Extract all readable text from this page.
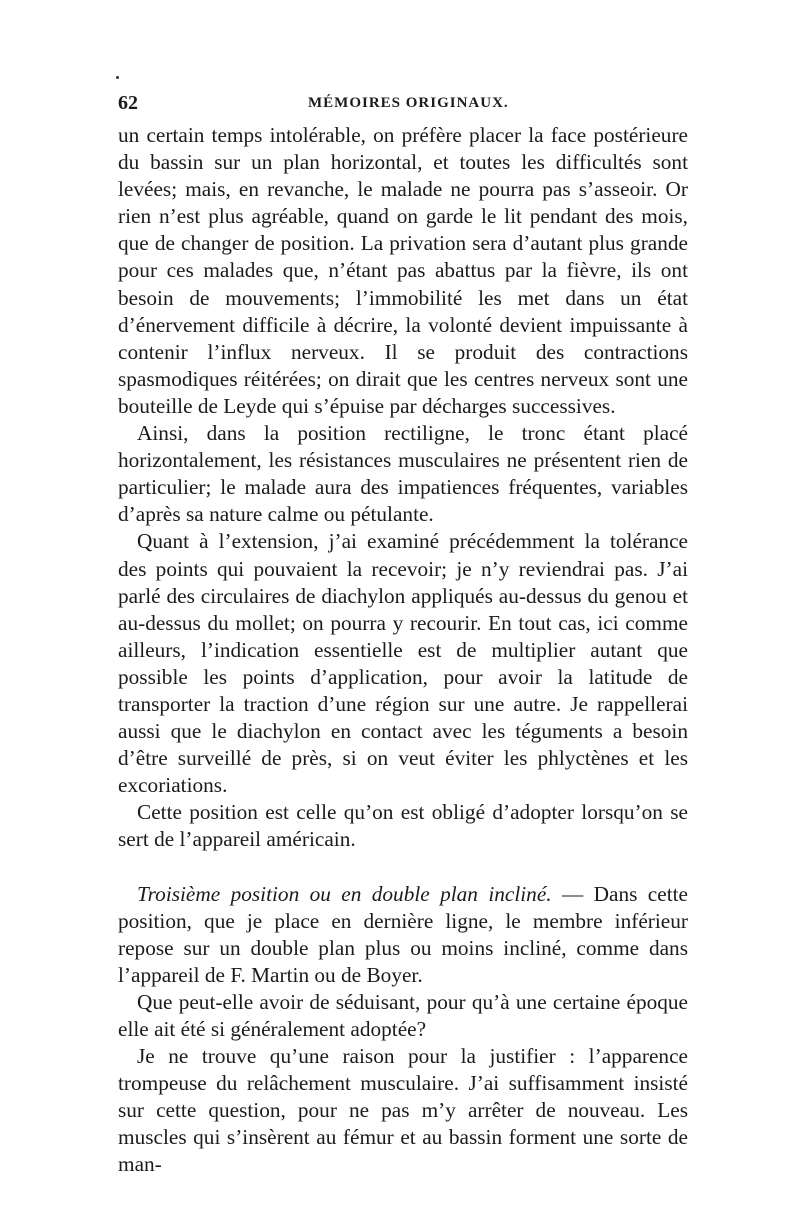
62	MÉMOIRES ORIGINAUX.

un certain temps intolérable, on préfère placer la face postérieure du bassin sur un plan horizontal, et toutes les difficultés sont levées; mais, en revanche, le malade ne pourra pas s’asseoir. Or rien n’est plus agréable, quand on garde le lit pendant des mois, que de changer de position. La privation sera d’autant plus grande pour ces malades que, n’étant pas abattus par la fièvre, ils ont besoin de mouvements; l’immobilité les met dans un état d’énervement difficile à décrire, la volonté devient impuissante à contenir l’influx nerveux. Il se produit des contractions spasmodiques réitérées; on dirait que les centres nerveux sont une bouteille de Leyde qui s’épuise par décharges successives.

Ainsi, dans la position rectiligne, le tronc étant placé horizontalement, les résistances musculaires ne présentent rien de particulier; le malade aura des impatiences fréquentes, variables d’après sa nature calme ou pétulante.

Quant à l’extension, j’ai examiné précédemment la tolérance des points qui pouvaient la recevoir; je n’y reviendrai pas. J’ai parlé des circulaires de diachylon appliqués au-dessus du genou et au-dessus du mollet; on pourra y recourir. En tout cas, ici comme ailleurs, l’indication essentielle est de multiplier autant que possible les points d’application, pour avoir la latitude de transporter la traction d’une région sur une autre. Je rappellerai aussi que le diachylon en contact avec les téguments a besoin d’être surveillé de près, si on veut éviter les phlyctènes et les excoriations.

Cette position est celle qu’on est obligé d’adopter lorsqu’on se sert de l’appareil américain.

Troisième position ou en double plan incliné. — Dans cette position, que je place en dernière ligne, le membre inférieur repose sur un double plan plus ou moins incliné, comme dans l’appareil de F. Martin ou de Boyer.

Que peut-elle avoir de séduisant, pour qu’à une certaine époque elle ait été si généralement adoptée?

Je ne trouve qu’une raison pour la justifier : l’apparence trompeuse du relâchement musculaire. J’ai suffisamment insisté sur cette question, pour ne pas m’y arrêter de nouveau. Les muscles qui s’insèrent au fémur et au bassin forment une sorte de man-
